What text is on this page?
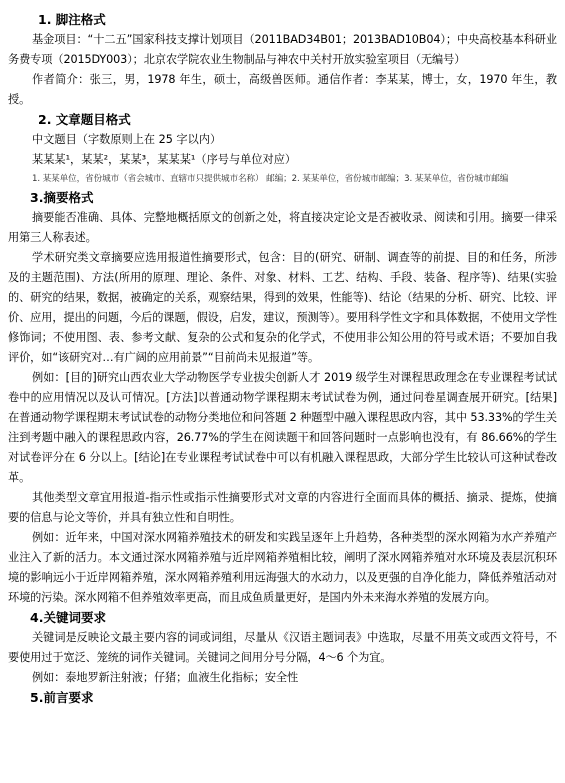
1. 脚注格式

基金项目：“十二五”国家科技支撑计划项目（2011BAD34B01；2013BAD10B04）；中央高校基本科研业务费专项（2015DY003）；北京农学院农业生物制品与神农中关村开放实验室项目（无编号）

作者简介：张三，男，1978 年生，硕士，高级兽医师。通信作者：李某某，博士，女，1970 年生，教授。

2. 文章题目格式
中文题目（字数原则上在 25 字以内）
某某某¹，某某²，某某³，某某某¹（序号与单位对应）

1. 某某单位，省份城市（省会城市、直辖市只提供城市名称） 邮编；2. 某某单位，省份城市邮编；3. 某某单位，省份城市邮编

3.摘要格式

摘要能否准确、具体、完整地概括原文的创新之处，将直接决定论文是否被收录、阅读和引用。摘要一律采用第三人称表述。

学术研究类文章摘要应选用报道性摘要形式，包含：目的(研究、研制、调查等的前提、目的和任务，所涉及的主题范围)、方法(所用的原理、理论、条件、对象、材料、工艺、结构、手段、装备、程序等)、结果(实验的、研究的结果，数据，被确定的关系，观察结果，得到的效果，性能等)、结论（结果的分析、研究、比较、评价、应用，提出的问题，今后的课题，假设，启发，建议，预测等）。要用科学性文字和具体数据，不使用文学性修饰词；不使用图、表、参考文献、复杂的公式和复杂的化学式，不使用非公知公用的符号或术语；不要加自我评价，如“该研究对…有广阔的应用前景”“目前尚未见报道”等。

例如：[目的]研究山西农业大学动物医学专业拔尖创新人才 2019 级学生对课程思政理念在专业课程考试试卷中的应用情况以及认可情况。[方法]以普通动物学课程期末考试试卷为例，通过问卷星调查展开研究。[结果]在普通动物学课程期末考试试卷的动物分类地位和问答题 2 种题型中融入课程思政内容，其中 53.33%的学生关注到考题中融入的课程思政内容，26.77%的学生在阅读题干和回答问题时一点影响也没有，有 86.66%的学生对试卷评分在 6 分以上。[结论]在专业课程考试试卷中可以有机融入课程思政，大部分学生比较认可这种试卷改革。

其他类型文章宜用报道-指示性或指示性摘要形式对文章的内容进行全面而具体的概括、摘录、提炼，使摘要的信息与论文等价，并具有独立性和自明性。

例如：近年来，中国对深水网箱养殖技术的研发和实践呈逐年上升趋势，各种类型的深水网箱为水产养殖产业注入了新的活力。本文通过深水网箱养殖与近岸网箱养殖相比较，阐明了深水网箱养殖对水环境及表层沉积环境的影响远小于近岸网箱养殖，深水网箱养殖利用远海强大的水动力，以及更强的自净化能力，降低养殖活动对环境的污染。深水网箱不但养殖效率更高，而且成鱼质量更好，是国内外未来海水养殖的发展方向。

4.关键词要求

关键词是反映论文最主要内容的词或词组，尽量从《汉语主题词表》中选取，尽量不用英文或西文符号，不要使用过于宽泛、笼统的词作关键词。关键词之间用分号分隔，4～6 个为宜。

例如：泰地罗新注射液；仔猪；血液生化指标；安全性

5.前言要求
